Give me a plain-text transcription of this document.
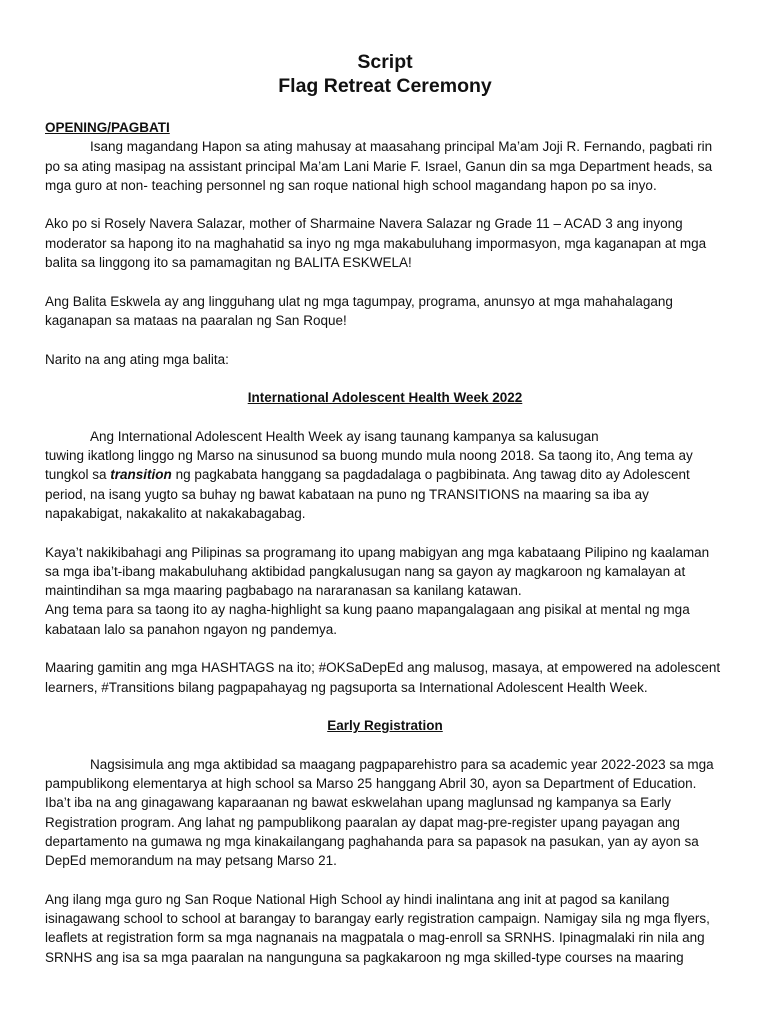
Script
Flag Retreat Ceremony

OPENING/PAGBATI

Isang magandang Hapon sa ating mahusay at maasahang principal Ma’am Joji R. Fernando, pagbati rin po sa ating masipag na assistant principal Ma’am Lani Marie F. Israel, Ganun din sa mga Department heads, sa mga guro at non- teaching personnel ng san roque national high school magandang hapon po sa inyo.

Ako po si Rosely Navera Salazar, mother of Sharmaine Navera Salazar ng Grade 11 – ACAD 3 ang inyong moderator sa hapong ito na maghahatid sa inyo ng mga makabuluhang impormasyon, mga kaganapan at mga balita sa linggong ito sa pamamagitan ng BALITA ESKWELA!

Ang Balita Eskwela ay ang lingguhang ulat ng mga tagumpay, programa, anunsyo at mga mahahalagang kaganapan sa mataas na paaralan ng San Roque!

Narito na ang ating mga balita:

International Adolescent Health Week 2022

Ang International Adolescent Health Week ay isang taunang kampanya sa kalusugan

tuwing ikatlong linggo ng Marso na sinusunod sa buong mundo mula noong 2018. Sa taong ito, Ang tema ay tungkol sa transition ng pagkabata hanggang sa pagdadalaga o pagbibinata. Ang tawag dito ay Adolescent period, na isang yugto sa buhay ng bawat kabataan na puno ng TRANSITIONS na maaring sa iba ay napakabigat, nakakalito at nakakabagabag.

Kaya’t nakikibahagi ang Pilipinas sa programang ito upang mabigyan ang mga kabataang Pilipino ng kaalaman sa mga iba’t-ibang makabuluhang aktibidad pangkalusugan nang sa gayon ay magkaroon ng kamalayan at maintindihan sa mga maaring pagbabago na nararanasan sa kanilang katawan.

Ang tema para sa taong ito ay nagha-highlight sa kung paano mapangalagaan ang pisikal at mental ng mga kabataan lalo sa panahon ngayon ng pandemya.

Maaring gamitin ang mga HASHTAGS na ito; #OKSaDepEd ang malusog, masaya, at empowered na adolescent learners, #Transitions bilang pagpapahayag ng pagsuporta sa International Adolescent Health Week.

Early Registration

Nagsisimula ang mga aktibidad sa maagang pagpaparehistro para sa academic year 2022-2023 sa mga pampublikong elementarya at high school sa Marso 25 hanggang Abril 30, ayon sa Department of Education. Iba’t iba na ang ginagawang kaparaanan ng bawat eskwelahan upang maglunsad ng kampanya sa Early Registration program. Ang lahat ng pampublikong paaralan ay dapat mag-pre-register upang payagan ang departamento na gumawa ng mga kinakailangang paghahanda para sa papasok na pasukan, yan ay ayon sa DepEd memorandum na may petsang Marso 21.

Ang ilang mga guro ng San Roque National High School ay hindi inalintana ang init at pagod sa kanilang isinagawang school to school at barangay to barangay early registration campaign. Namigay sila ng mga flyers, leaflets at registration form sa mga nagnanais na magpatala o mag-enroll sa SRNHS. Ipinagmalaki rin nila ang SRNHS ang isa sa mga paaralan na nangunguna sa pagkakaroon ng mga skilled-type courses na maaring
